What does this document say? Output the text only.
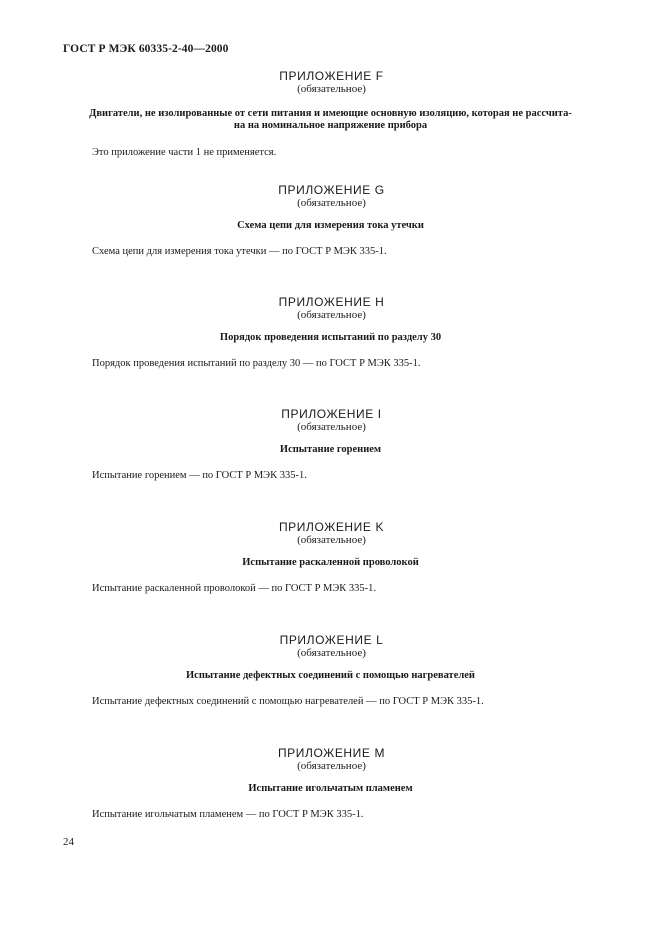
ГОСТ Р МЭК 60335-2-40—2000
ПРИЛОЖЕНИЕ F
(обязательное)
Двигатели, не изолированные от сети питания и имеющие основную изоляцию, которая не рассчита-
на на номинальное напряжение прибора
Это приложение части 1 не применяется.
ПРИЛОЖЕНИЕ G
(обязательное)
Схема цепи для измерения тока утечки
Схема цепи для измерения тока утечки — по ГОСТ Р МЭК 335-1.
ПРИЛОЖЕНИЕ H
(обязательное)
Порядок проведения испытаний по разделу 30
Порядок проведения испытаний по разделу 30 — по ГОСТ Р МЭК 335-1.
ПРИЛОЖЕНИЕ I
(обязательное)
Испытание горением
Испытание горением — по ГОСТ Р МЭК 335-1.
ПРИЛОЖЕНИЕ K
(обязательное)
Испытание раскаленной проволокой
Испытание раскаленной проволокой — по ГОСТ Р МЭК 335-1.
ПРИЛОЖЕНИЕ L
(обязательное)
Испытание дефектных соединений с помощью нагревателей
Испытание дефектных соединений с помощью нагревателей — по ГОСТ Р МЭК 335-1.
ПРИЛОЖЕНИЕ M
(обязательное)
Испытание игольчатым пламенем
Испытание игольчатым пламенем — по ГОСТ Р МЭК 335-1.
24
